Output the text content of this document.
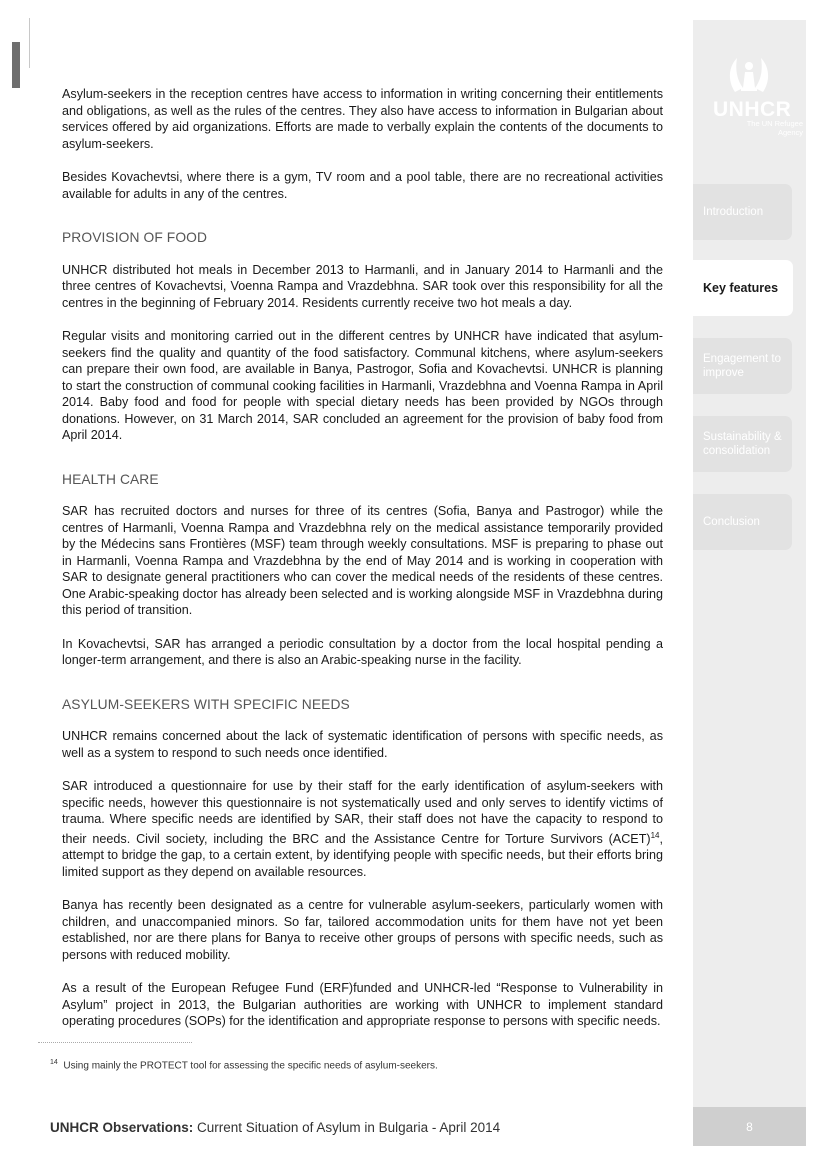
Asylum-seekers in the reception centres have access to information in writing concerning their entitlements and obligations, as well as the rules of the centres. They also have access to information in Bulgarian about services offered by aid organizations. Efforts are made to verbally explain the contents of the documents to asylum-seekers.

Besides Kovachevtsi, where there is a gym, TV room and a pool table, there are no recreational activities available for adults in any of the centres.

PROVISION OF FOOD

UNHCR distributed hot meals in December 2013 to Harmanli, and in January 2014 to Harmanli and the three centres of Kovachevtsi, Voenna Rampa and Vrazdebhna. SAR took over this responsibility for all the centres in the beginning of February 2014. Residents currently receive two hot meals a day.

Regular visits and monitoring carried out in the different centres by UNHCR have indicated that asylum-seekers find the quality and quantity of the food satisfactory. Communal kitchens, where asylum-seekers can prepare their own food, are available in Banya, Pastrogor, Sofia and Kovachevtsi. UNHCR is planning to start the construction of communal cooking facilities in Harmanli, Vrazdebhna and Voenna Rampa in April 2014. Baby food and food for people with special dietary needs has been provided by NGOs through donations. However, on 31 March 2014, SAR concluded an agreement for the provision of baby food from April 2014.

HEALTH CARE

SAR has recruited doctors and nurses for three of its centres (Sofia, Banya and Pastrogor) while the centres of Harmanli, Voenna Rampa and Vrazdebhna rely on the medical assistance temporarily provided by the Médecins sans Frontières (MSF) team through weekly consultations. MSF is preparing to phase out in Harmanli, Voenna Rampa and Vrazdebhna by the end of May 2014 and is working in cooperation with SAR to designate general practitioners who can cover the medical needs of the residents of these centres. One Arabic-speaking doctor has already been selected and is working alongside MSF in Vrazdebhna during this period of transition.

In Kovachevtsi, SAR has arranged a periodic consultation by a doctor from the local hospital pending a longer-term arrangement, and there is also an Arabic-speaking nurse in the facility.

ASYLUM-SEEKERS WITH SPECIFIC NEEDS

UNHCR remains concerned about the lack of systematic identification of persons with specific needs, as well as a system to respond to such needs once identified.

SAR introduced a questionnaire for use by their staff for the early identification of asylum-seekers with specific needs, however this questionnaire is not systematically used and only serves to identify victims of trauma. Where specific needs are identified by SAR, their staff does not have the capacity to respond to their needs. Civil society, including the BRC and the Assistance Centre for Torture Survivors (ACET)$^{14}$, attempt to bridge the gap, to a certain extent, by identifying people with specific needs, but their efforts bring limited support as they depend on available resources.

Banya has recently been designated as a centre for vulnerable asylum-seekers, particularly women with children, and unaccompanied minors. So far, tailored accommodation units for them have not yet been established, nor are there plans for Banya to receive other groups of persons with specific needs, such as persons with reduced mobility.

As a result of the European Refugee Fund (ERF)funded and UNHCR-led “Response to Vulnerability in Asylum” project in 2013, the Bulgarian authorities are working with UNHCR to implement standard operating procedures (SOPs) for the identification and appropriate response to persons with specific needs.

UNHCR
The UN Refugee Agency
Introduction
Key features
Engagement to improve
Sustainability & consolidation
Conclusion
8
$^{14}$ Using mainly the PROTECT tool for assessing the specific needs of asylum-seekers.
UNHCR Observations: Current Situation of Asylum in Bulgaria - April 2014
